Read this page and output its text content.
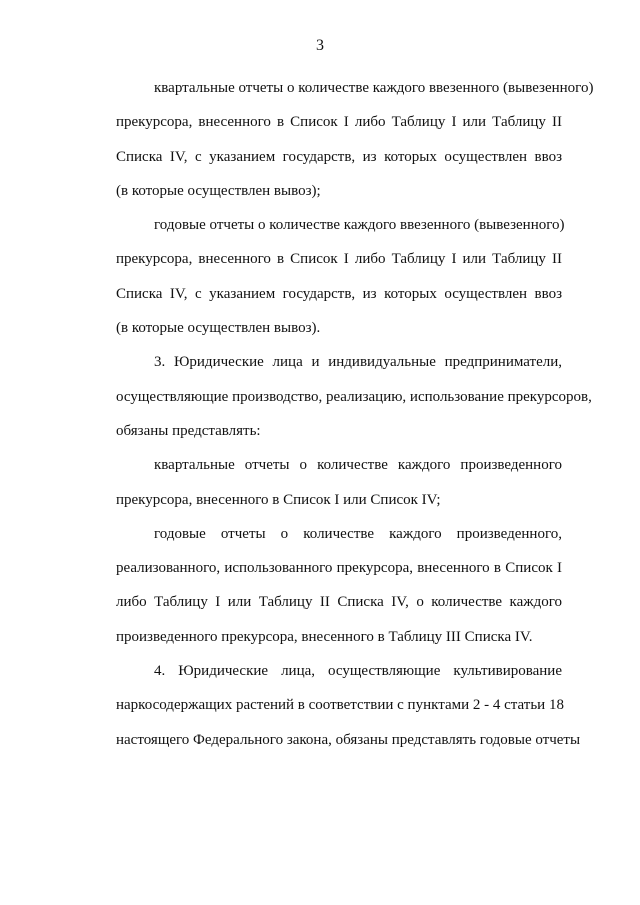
3
квартальные отчеты о количестве каждого ввезенного (вывезенного)
прекурсора, внесенного в Список I либо Таблицу I или Таблицу II
Списка IV, с указанием государств, из которых осуществлен ввоз
(в которые осуществлен вывоз);
годовые отчеты о количестве каждого ввезенного (вывезенного)
прекурсора, внесенного в Список I либо Таблицу I или Таблицу II
Списка IV, с указанием государств, из которых осуществлен ввоз
(в которые осуществлен вывоз).
3. Юридические лица и индивидуальные предприниматели,
осуществляющие производство, реализацию, использование прекурсоров,
обязаны представлять:
квартальные отчеты о количестве каждого произведенного
прекурсора, внесенного в Список I или Список IV;
годовые отчеты о количестве каждого произведенного,
реализованного, использованного прекурсора, внесенного в Список I
либо Таблицу I или Таблицу II Списка IV, о количестве каждого
произведенного прекурсора, внесенного в Таблицу III Списка IV.
4. Юридические лица, осуществляющие культивирование
наркосодержащих растений в соответствии с пунктами 2 - 4 статьи 18
настоящего Федерального закона, обязаны представлять годовые отчеты
